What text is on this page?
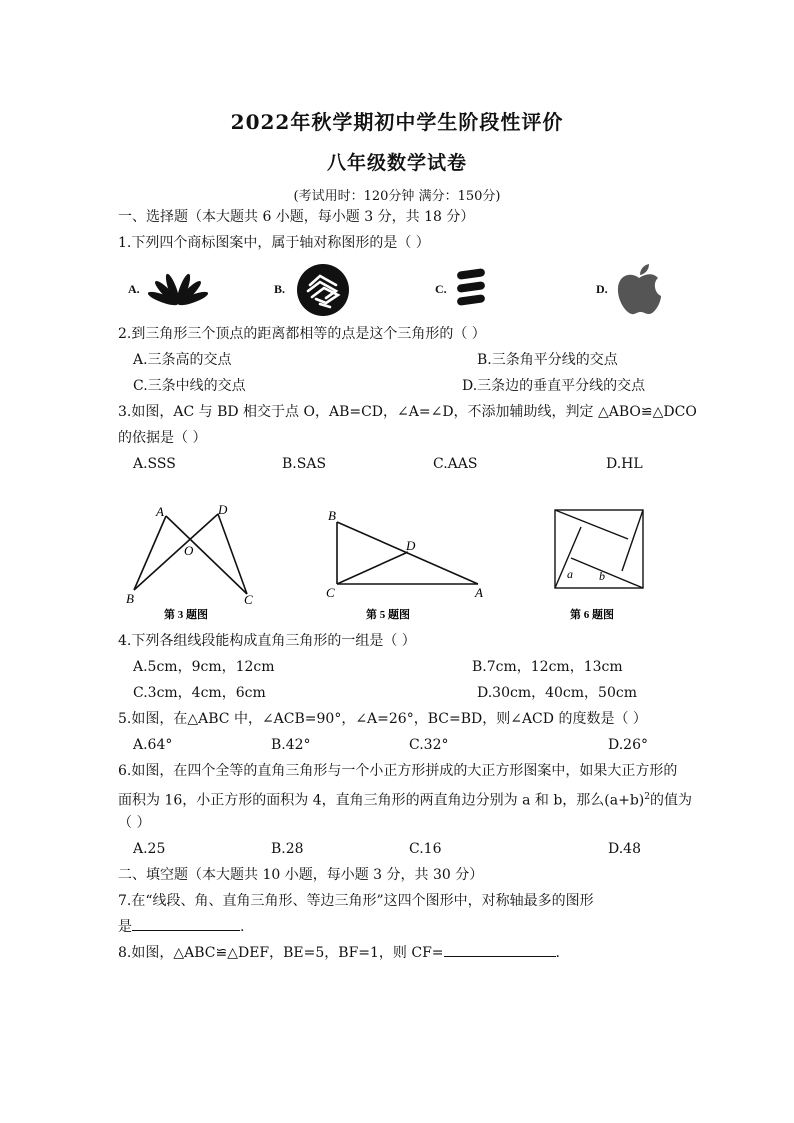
2022年秋学期初中学生阶段性评价
八年级数学试卷
(考试用时：120分钟 满分：150分)
一、选择题（本大题共 6 小题，每小题 3 分，共 18 分）
1.下列四个商标图案中，属于轴对称图形的是（ ）
A.	B.	C.	D.
2.到三角形三个顶点的距离都相等的点是这个三角形的（ ）
A.三条高的交点	B.三条角平分线的交点
C.三条中线的交点	D.三条边的垂直平分线的交点
3.如图，AC 与 BD 相交于点 O，AB=CD，∠A=∠D，不添加辅助线，判定 △ABO≌△DCO
的依据是（ ）
A.SSS	B.SAS	C.AAS	D.HL
A	D
O
B	C
第 3 题图
B
D
C	A
第 5 题图
a b
第 6 题图
4.下列各组线段能构成直角三角形的一组是（ ）
A.5cm，9cm，12cm	B.7cm，12cm，13cm
C.3cm，4cm，6cm	D.30cm，40cm，50cm
5.如图，在△ABC 中，∠ACB=90°，∠A=26°，BC=BD，则∠ACD 的度数是（ ）
A.64°	B.42°	C.32°	D.26°
6.如图，在四个全等的直角三角形与一个小正方形拼成的大正方形图案中，如果大正方形的
面积为 16，小正方形的面积为 4，直角三角形的两直角边分别为 a 和 b，那么$(a+b)^2$的值为
（ ）
A.25	B.28	C.16	D.48
二、填空题（本大题共 10 小题，每小题 3 分，共 30 分）
7.在“线段、角、直角三角形、等边三角形”这四个图形中，对称轴最多的图形
是	.
8.如图，△ABC≌△DEF，BE=5，BF=1，则 CF=	.
